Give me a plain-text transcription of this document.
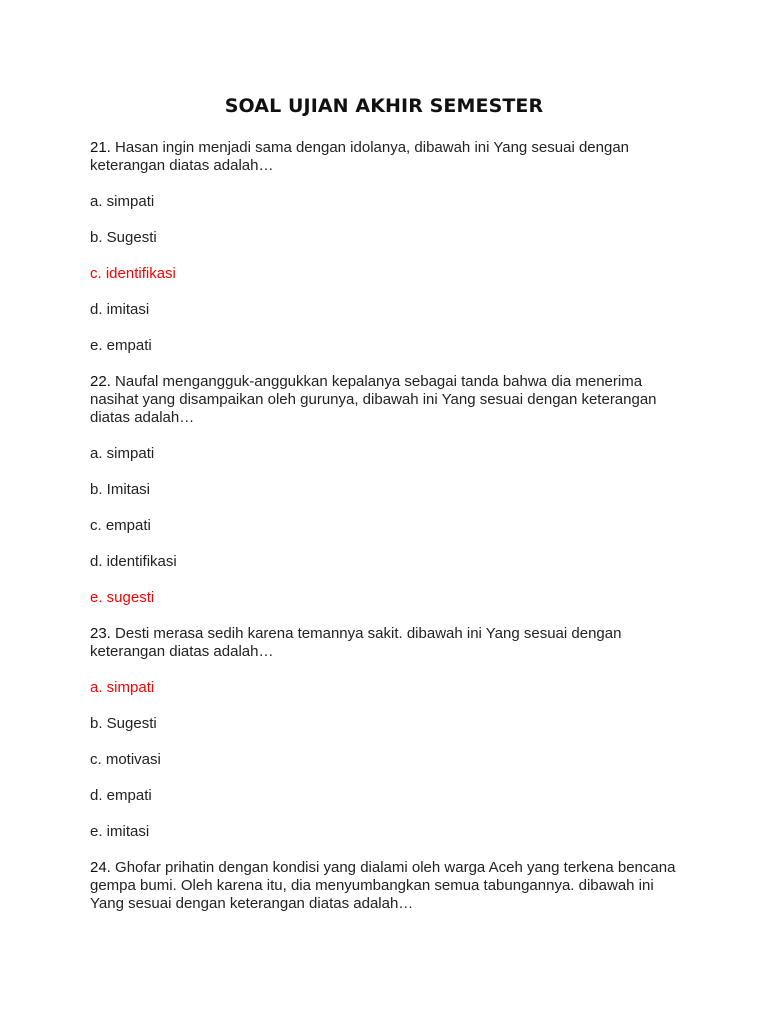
SOAL UJIAN AKHIR SEMESTER
21. Hasan ingin menjadi sama dengan idolanya, dibawah ini Yang sesuai dengan keterangan diatas adalah…
a. simpati
b. Sugesti
c. identifikasi
d. imitasi
e. empati
22. Naufal mengangguk-anggukkan kepalanya sebagai tanda bahwa dia menerima nasihat yang disampaikan oleh gurunya, dibawah ini Yang sesuai dengan keterangan diatas adalah…
a. simpati
b. Imitasi
c. empati
d. identifikasi
e. sugesti
23. Desti merasa sedih karena temannya sakit. dibawah ini Yang sesuai dengan keterangan diatas adalah…
a. simpati
b. Sugesti
c. motivasi
d. empati
e. imitasi
24. Ghofar prihatin dengan kondisi yang dialami oleh warga Aceh yang terkena bencana gempa bumi. Oleh karena itu, dia menyumbangkan semua tabungannya. dibawah ini Yang sesuai dengan keterangan diatas adalah…
